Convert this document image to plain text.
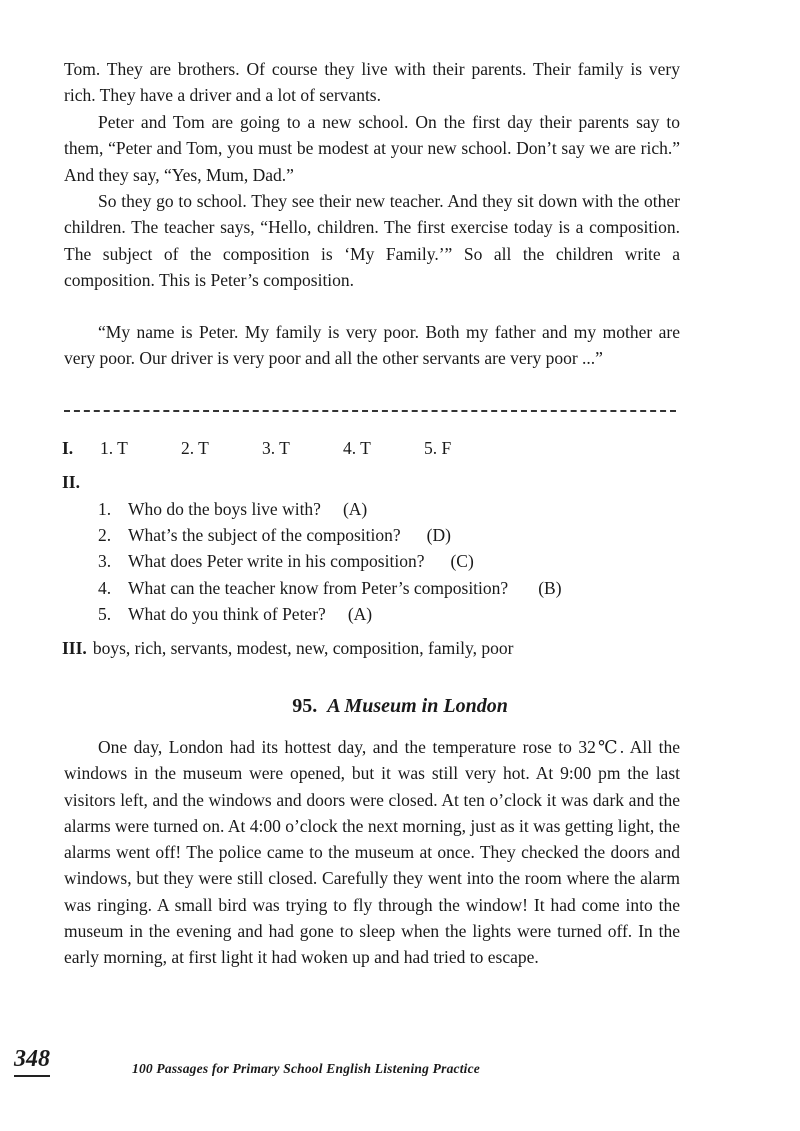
Tom. They are brothers. Of course they live with their parents. Their family is very rich. They have a driver and a lot of servants.

Peter and Tom are going to a new school. On the first day their parents say to them, “Peter and Tom, you must be modest at your new school. Don’t say we are rich.” And they say, “Yes, Mum, Dad.”

So they go to school. They see their new teacher. And they sit down with the other children. The teacher says, “Hello, children. The first exercise today is a composition. The subject of the composition is ‘My Family.’” So all the children write a composition. This is Peter’s composition.

“My name is Peter. My family is very poor. Both my father and my mother are very poor. Our driver is very poor and all the other servants are very poor ...”

I. 1. T	2. T	3. T	4. T	5. F
II.
1. Who do the boys live with? (A)
2. What’s the subject of the composition? (D)
3. What does Peter write in his composition? (C)
4. What can the teacher know from Peter’s composition? (B)
5. What do you think of Peter? (A)
III. boys, rich, servants, modest, new, composition, family, poor
95. A Museum in London

One day, London had its hottest day, and the temperature rose to 32℃. All the windows in the museum were opened, but it was still very hot. At 9:00 pm the last visitors left, and the windows and doors were closed. At ten o’clock it was dark and the alarms were turned on. At 4:00 o’clock the next morning, just as it was getting light, the alarms went off! The police came to the museum at once. They checked the doors and windows, but they were still closed. Carefully they went into the room where the alarm was ringing. A small bird was trying to fly through the window! It had come into the museum in the evening and had gone to sleep when the lights were turned off. In the early morning, at first light it had woken up and had tried to escape.

348	100 Passages for Primary School English Listening Practice
